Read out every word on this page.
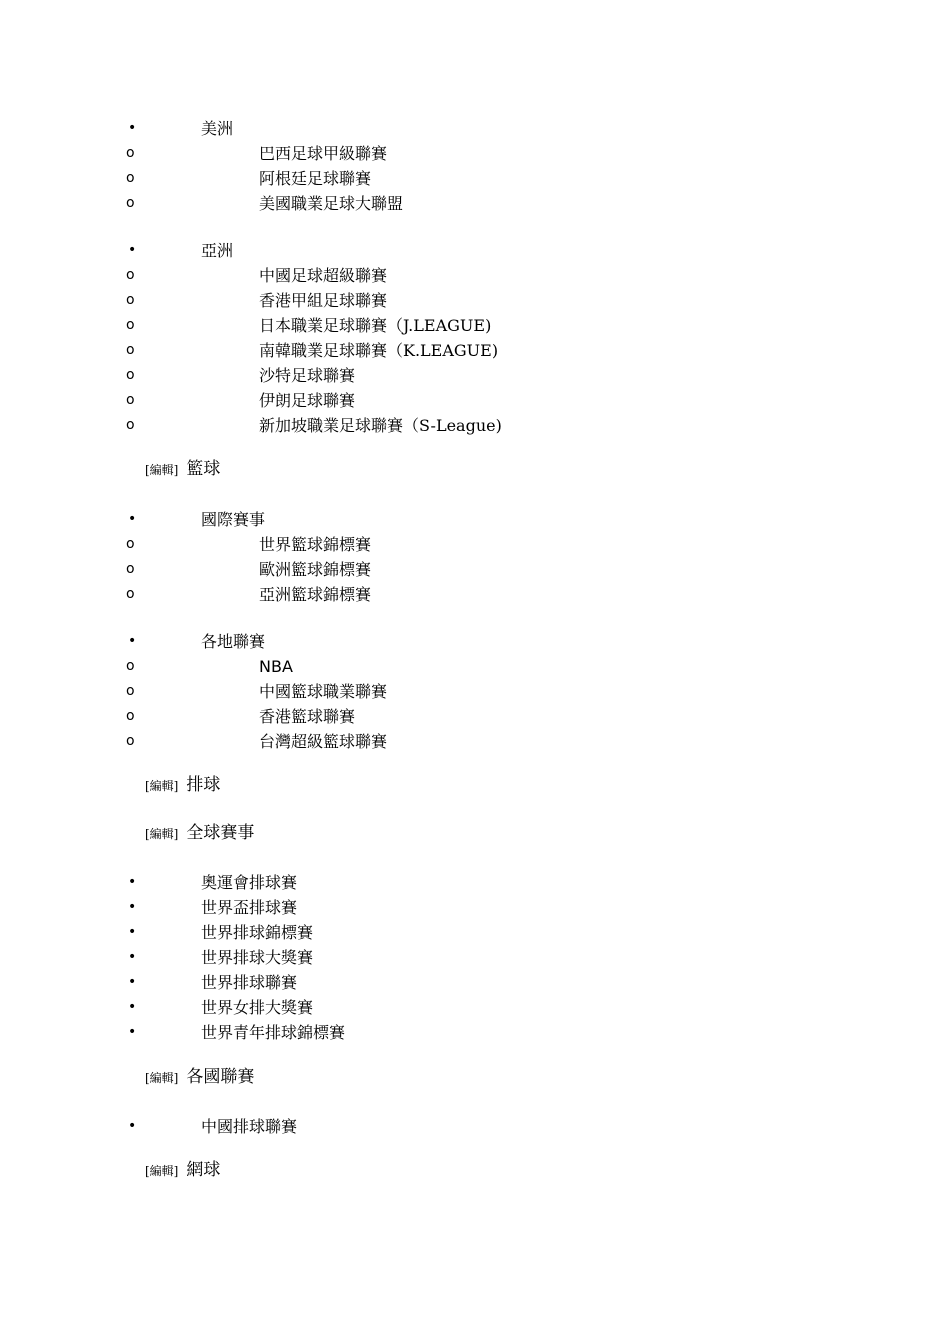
•	美洲
o	巴西足球甲級聯賽
o	阿根廷足球聯賽
o	美國職業足球大聯盟
•	亞洲
o	中國足球超級聯賽
o	香港甲組足球聯賽
o	日本職業足球聯賽（J.LEAGUE)
o	南韓職業足球聯賽（K.LEAGUE)
o	沙特足球聯賽
o	伊朗足球聯賽
o	新加坡職業足球聯賽（S-League)
[編輯] 籃球
•	國際賽事
o	世界籃球錦標賽
o	歐洲籃球錦標賽
o	亞洲籃球錦標賽
•	各地聯賽
o	NBA
o	中國籃球職業聯賽
o	香港籃球聯賽
o	台灣超級籃球聯賽
[編輯] 排球
[編輯] 全球賽事
•	奧運會排球賽
•	世界盃排球賽
•	世界排球錦標賽
•	世界排球大獎賽
•	世界排球聯賽
•	世界女排大獎賽
•	世界青年排球錦標賽
[編輯] 各國聯賽
•	中國排球聯賽
[編輯] 網球
